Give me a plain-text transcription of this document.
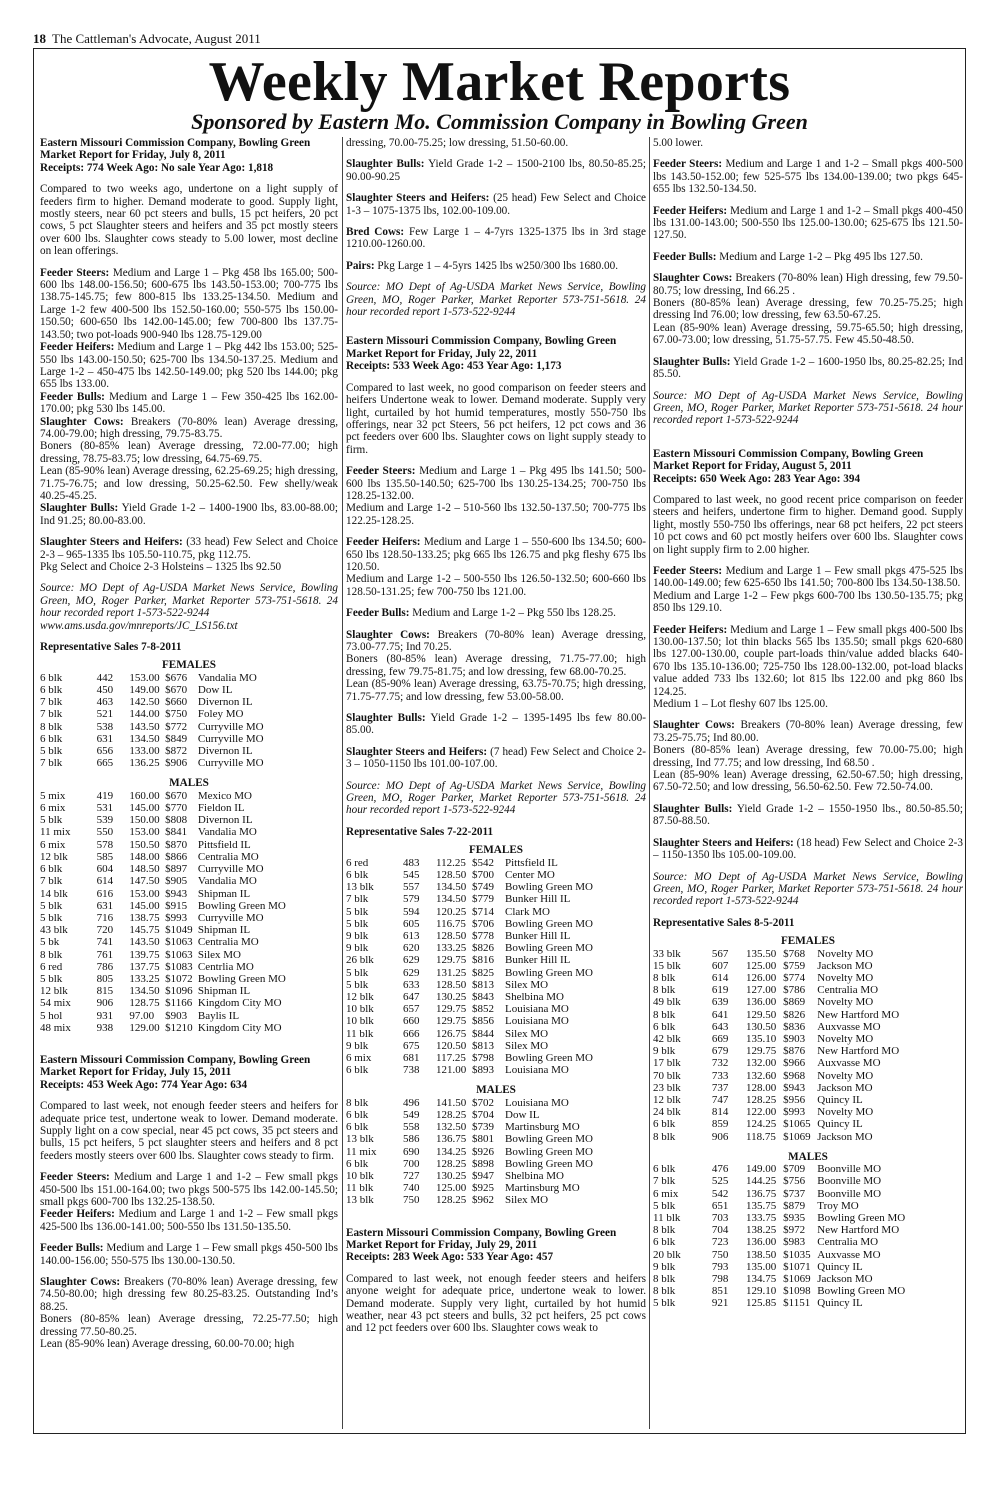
18 The Cattleman's Advocate, August 2011
Weekly Market Reports
Sponsored by Eastern Mo. Commission Company in Bowling Green

Eastern Missouri Commission Company, Bowling Green

Market Report for Friday, July 8, 2011

Receipts: 774 Week Ago: No sale Year Ago: 1,818

Compared to two weeks ago, undertone on a light supply of feeders firm to higher. Demand moderate to good. Supply light, mostly steers, near 60 pct steers and bulls, 15 pct heifers, 20 pct cows, 5 pct Slaughter steers and heifers and 35 pct mostly steers over 600 lbs. Slaughter cows steady to 5.00 lower, most decline on lean offerings.

Feeder Steers: Medium and Large 1 – Pkg 458 lbs 165.00; 500-600 lbs 148.00-156.50; 600-675 lbs 143.50-153.00; 700-775 lbs 138.75-145.75; few 800-815 lbs 133.25-134.50. Medium and Large 1-2 few 400-500 lbs 152.50-160.00; 550-575 lbs 150.00-150.50; 600-650 lbs 142.00-145.00; few 700-800 lbs 137.75-143.50; two pot-loads 900-940 lbs 128.75-129.00

Feeder Heifers: Medium and Large 1 – Pkg 442 lbs 153.00; 525-550 lbs 143.00-150.50; 625-700 lbs 134.50-137.25. Medium and Large 1-2 – 450-475 lbs 142.50-149.00; pkg 520 lbs 144.00; pkg 655 lbs 133.00.

Feeder Bulls: Medium and Large 1 – Few 350-425 lbs 162.00-170.00; pkg 530 lbs 145.00.

Slaughter Cows: Breakers (70-80% lean) Average dressing, 74.00-79.00; high dressing, 79.75-83.75.

Boners (80-85% lean) Average dressing, 72.00-77.00; high dressing, 78.75-83.75; low dressing, 64.75-69.75.

Lean (85-90% lean) Average dressing, 62.25-69.25; high dressing, 71.75-76.75; and low dressing, 50.25-62.50. Few shelly/weak 40.25-45.25.

Slaughter Bulls: Yield Grade 1-2 – 1400-1900 lbs, 83.00-88.00; Ind 91.25; 80.00-83.00.

Slaughter Steers and Heifers: (33 head) Few Select and Choice 2-3 – 965-1335 lbs 105.50-110.75, pkg 112.75.

Pkg Select and Choice 2-3 Holsteins – 1325 lbs 92.50

Source: MO Dept of Ag-USDA Market News Service, Bowling Green, MO, Roger Parker, Market Reporter 573-751-5618. 24 hour recorded report 1-573-522-9244

www.ams.usda.gov/mnreports/JC_LS156.txt

Representative Sales 7-8-2011

FEMALES
6 blk	442	153.00	$676	Vandalia MO
6 blk	450	149.00	$670	Dow IL
7 blk	463	142.50	$660	Divernon IL
7 blk	521	144.00	$750	Foley MO
8 blk	538	143.50	$772	Curryville MO
6 blk	631	134.50	$849	Curryville MO
5 blk	656	133.00	$872	Divernon IL
7 blk	665	136.25	$906	Curryville MO
MALES
5 mix	419	160.00	$670	Mexico MO
6 mix	531	145.00	$770	Fieldon IL
5 blk	539	150.00	$808	Divernon IL
11 mix	550	153.00	$841	Vandalia MO
6 mix	578	150.50	$870	Pittsfield IL
12 blk	585	148.00	$866	Centralia MO
6 blk	604	148.50	$897	Curryville MO
7 blk	614	147.50	$905	Vandalia MO
14 blk	616	153.00	$943	Shipman IL
5 blk	631	145.00	$915	Bowling Green MO
5 blk	716	138.75	$993	Curryville MO
43 blk	720	145.75	$1049	Shipman IL
5 bk	741	143.50	$1063	Centralia MO
8 blk	761	139.75	$1063	Silex MO
6 red	786	137.75	$1083	Centrlia MO
5 blk	805	133.25	$1072	Bowling Green MO
12 blk	815	134.50	$1096	Shipman IL
54 mix	906	128.75	$1166	Kingdom City MO
5 hol	931	97.00	$903	Baylis IL
48 mix	938	129.00	$1210	Kingdom City MO

Eastern Missouri Commission Company, Bowling Green

Market Report for Friday, July 15, 2011

Receipts: 453 Week Ago: 774 Year Ago: 634

Compared to last week, not enough feeder steers and heifers for adequate price test, undertone weak to lower. Demand moderate. Supply light on a cow special, near 45 pct cows, 35 pct steers and bulls, 15 pct heifers, 5 pct slaughter steers and heifers and 8 pct feeders mostly steers over 600 lbs. Slaughter cows steady to firm.

Feeder Steers: Medium and Large 1 and 1-2 – Few small pkgs 450-500 lbs 151.00-164.00; two pkgs 500-575 lbs 142.00-145.50; small pkgs 600-700 lbs 132.25-138.50.

Feeder Heifers: Medium and Large 1 and 1-2 – Few small pkgs 425-500 lbs 136.00-141.00; 500-550 lbs 131.50-135.50.

Feeder Bulls: Medium and Large 1 – Few small pkgs 450-500 lbs 140.00-156.00; 550-575 lbs 130.00-130.50.

Slaughter Cows: Breakers (70-80% lean) Average dressing, few 74.50-80.00; high dressing few 80.25-83.25. Outstanding Ind’s 88.25.

Boners (80-85% lean) Average dressing, 72.25-77.50; high dressing 77.50-80.25.

Lean (85-90% lean) Average dressing, 60.00-70.00; high

dressing, 70.00-75.25; low dressing, 51.50-60.00.

Slaughter Bulls: Yield Grade 1-2 – 1500-2100 lbs, 80.50-85.25; 90.00-90.25

Slaughter Steers and Heifers: (25 head) Few Select and Choice 1-3 – 1075-1375 lbs, 102.00-109.00.

Bred Cows: Few Large 1 – 4-7yrs 1325-1375 lbs in 3rd stage 1210.00-1260.00.

Pairs: Pkg Large 1 – 4-5yrs 1425 lbs w250/300 lbs 1680.00.

Source: MO Dept of Ag-USDA Market News Service, Bowling Green, MO, Roger Parker, Market Reporter 573-751-5618. 24 hour recorded report 1-573-522-9244

Eastern Missouri Commission Company, Bowling Green

Market Report for Friday, July 22, 2011

Receipts: 533 Week Ago: 453 Year Ago: 1,173

Compared to last week, no good comparison on feeder steers and heifers Undertone weak to lower. Demand moderate. Supply very light, curtailed by hot humid temperatures, mostly 550-750 lbs offerings, near 32 pct Steers, 56 pct heifers, 12 pct cows and 36 pct feeders over 600 lbs. Slaughter cows on light supply steady to firm.

Feeder Steers: Medium and Large 1 – Pkg 495 lbs 141.50; 500-600 lbs 135.50-140.50; 625-700 lbs 130.25-134.25; 700-750 lbs 128.25-132.00.

Medium and Large 1-2 – 510-560 lbs 132.50-137.50; 700-775 lbs 122.25-128.25.

Feeder Heifers: Medium and Large 1 – 550-600 lbs 134.50; 600-650 lbs 128.50-133.25; pkg 665 lbs 126.75 and pkg fleshy 675 lbs 120.50.

Medium and Large 1-2 – 500-550 lbs 126.50-132.50; 600-660 lbs 128.50-131.25; few 700-750 lbs 121.00.

Feeder Bulls: Medium and Large 1-2 – Pkg 550 lbs 128.25.

Slaughter Cows: Breakers (70-80% lean) Average dressing, 73.00-77.75; Ind 70.25.

Boners (80-85% lean) Average dressing, 71.75-77.00; high dressing, few 79.75-81.75; and low dressing, few 68.00-70.25.

Lean (85-90% lean) Average dressing, 63.75-70.75; high dressing, 71.75-77.75; and low dressing, few 53.00-58.00.

Slaughter Bulls: Yield Grade 1-2 – 1395-1495 lbs few 80.00-85.00.

Slaughter Steers and Heifers: (7 head) Few Select and Choice 2-3 – 1050-1150 lbs 101.00-107.00.

Source: MO Dept of Ag-USDA Market News Service, Bowling Green, MO, Roger Parker, Market Reporter 573-751-5618. 24 hour recorded report 1-573-522-9244

Representative Sales 7-22-2011

FEMALES
6 red	483	112.25	$542	Pittsfield IL
6 blk	545	128.50	$700	Center MO
13 blk	557	134.50	$749	Bowling Green MO
7 blk	579	134.50	$779	Bunker Hill IL
5 blk	594	120.25	$714	Clark MO
5 blk	605	116.75	$706	Bowling Green MO
9 blk	613	128.50	$778	Bunker Hill IL
9 blk	620	133.25	$826	Bowling Green MO
26 blk	629	129.75	$816	Bunker Hill IL
5 blk	629	131.25	$825	Bowling Green MO
5 blk	633	128.50	$813	Silex MO
12 blk	647	130.25	$843	Shelbina MO
10 blk	657	129.75	$852	Louisiana MO
10 blk	660	129.75	$856	Louisiana MO
11 blk	666	126.75	$844	Silex MO
9 blk	675	120.50	$813	Silex MO
6 mix	681	117.25	$798	Bowling Green MO
6 blk	738	121.00	$893	Louisiana MO
MALES
8 blk	496	141.50	$702	Louisiana MO
6 blk	549	128.25	$704	Dow IL
6 blk	558	132.50	$739	Martinsburg MO
13 blk	586	136.75	$801	Bowling Green MO
11 mix	690	134.25	$926	Bowling Green MO
6 blk	700	128.25	$898	Bowling Green MO
10 blk	727	130.25	$947	Shelbina MO
11 blk	740	125.00	$925	Martinsburg MO
13 blk	750	128.25	$962	Silex MO

Eastern Missouri Commission Company, Bowling Green

Market Report for Friday, July 29, 2011

Receipts: 283 Week Ago: 533 Year Ago: 457

Compared to last week, not enough feeder steers and heifers anyone weight for adequate price, undertone weak to lower. Demand moderate. Supply very light, curtailed by hot humid weather, near 43 pct steers and bulls, 32 pct heifers, 25 pct cows and 12 pct feeders over 600 lbs. Slaughter cows weak to

5.00 lower.

Feeder Steers: Medium and Large 1 and 1-2 – Small pkgs 400-500 lbs 143.50-152.00; few 525-575 lbs 134.00-139.00; two pkgs 645-655 lbs 132.50-134.50.

Feeder Heifers: Medium and Large 1 and 1-2 – Small pkgs 400-450 lbs 131.00-143.00; 500-550 lbs 125.00-130.00; 625-675 lbs 121.50-127.50.

Feeder Bulls: Medium and Large 1-2 – Pkg 495 lbs 127.50.

Slaughter Cows: Breakers (70-80% lean) High dressing, few 79.50-80.75; low dressing, Ind 66.25 .

Boners (80-85% lean) Average dressing, few 70.25-75.25; high dressing Ind 76.00; low dressing, few 63.50-67.25.

Lean (85-90% lean) Average dressing, 59.75-65.50; high dressing, 67.00-73.00; low dressing, 51.75-57.75. Few 45.50-48.50.

Slaughter Bulls: Yield Grade 1-2 – 1600-1950 lbs, 80.25-82.25; Ind 85.50.

Source: MO Dept of Ag-USDA Market News Service, Bowling Green, MO, Roger Parker, Market Reporter 573-751-5618. 24 hour recorded report 1-573-522-9244

Eastern Missouri Commission Company, Bowling Green

Market Report for Friday, August 5, 2011

Receipts: 650 Week Ago: 283 Year Ago: 394

Compared to last week, no good recent price comparison on feeder steers and heifers, undertone firm to higher. Demand good. Supply light, mostly 550-750 lbs offerings, near 68 pct heifers, 22 pct steers 10 pct cows and 60 pct mostly heifers over 600 lbs. Slaughter cows on light supply firm to 2.00 higher.

Feeder Steers: Medium and Large 1 – Few small pkgs 475-525 lbs 140.00-149.00; few 625-650 lbs 141.50; 700-800 lbs 134.50-138.50.

Medium and Large 1-2 – Few pkgs 600-700 lbs 130.50-135.75; pkg 850 lbs 129.10.

Feeder Heifers: Medium and Large 1 – Few small pkgs 400-500 lbs 130.00-137.50; lot thin blacks 565 lbs 135.50; small pkgs 620-680 lbs 127.00-130.00, couple part-loads thin/value added blacks 640-670 lbs 135.10-136.00; 725-750 lbs 128.00-132.00, pot-load blacks value added 733 lbs 132.60; lot 815 lbs 122.00 and pkg 860 lbs 124.25.

Medium 1 – Lot fleshy 607 lbs 125.00.

Slaughter Cows: Breakers (70-80% lean) Average dressing, few 73.25-75.75; Ind 80.00.

Boners (80-85% lean) Average dressing, few 70.00-75.00; high dressing, Ind 77.75; and low dressing, Ind 68.50 .

Lean (85-90% lean) Average dressing, 62.50-67.50; high dressing, 67.50-72.50; and low dressing, 56.50-62.50. Few 72.50-74.00.

Slaughter Bulls: Yield Grade 1-2 – 1550-1950 lbs., 80.50-85.50; 87.50-88.50.

Slaughter Steers and Heifers: (18 head) Few Select and Choice 2-3 – 1150-1350 lbs 105.00-109.00.

Source: MO Dept of Ag-USDA Market News Service, Bowling Green, MO, Roger Parker, Market Reporter 573-751-5618. 24 hour recorded report 1-573-522-9244

Representative Sales 8-5-2011

FEMALES
33 blk	567	135.50	$768	Novelty MO
15 blk	607	125.00	$759	Jackson MO
8 blk	614	126.00	$774	Novelty MO
8 blk	619	127.00	$786	Centralia MO
49 blk	639	136.00	$869	Novelty MO
8 blk	641	129.50	$826	New Hartford MO
6 blk	643	130.50	$836	Auxvasse MO
42 blk	669	135.10	$903	Novelty MO
9 blk	679	129.75	$876	New Hartford MO
17 blk	732	132.00	$966	Auxvasse MO
70 blk	733	132.60	$968	Novelty MO
23 blk	737	128.00	$943	Jackson MO
12 blk	747	128.25	$956	Quincy IL
24 blk	814	122.00	$993	Novelty MO
6 blk	859	124.25	$1065	Quincy IL
8 blk	906	118.75	$1069	Jackson MO
MALES
6 blk	476	149.00	$709	Boonville MO
7 blk	525	144.25	$756	Boonville MO
6 mix	542	136.75	$737	Boonville MO
5 blk	651	135.75	$879	Troy MO
11 blk	703	133.75	$935	Bowling Green MO
8 blk	704	138.25	$972	New Hartford MO
6 blk	723	136.00	$983	Centralia MO
20 blk	750	138.50	$1035	Auxvasse MO
9 blk	793	135.00	$1071	Quincy IL
8 blk	798	134.75	$1069	Jackson MO
8 blk	851	129.10	$1098	Bowling Green MO
5 blk	921	125.85	$1151	Quincy IL
